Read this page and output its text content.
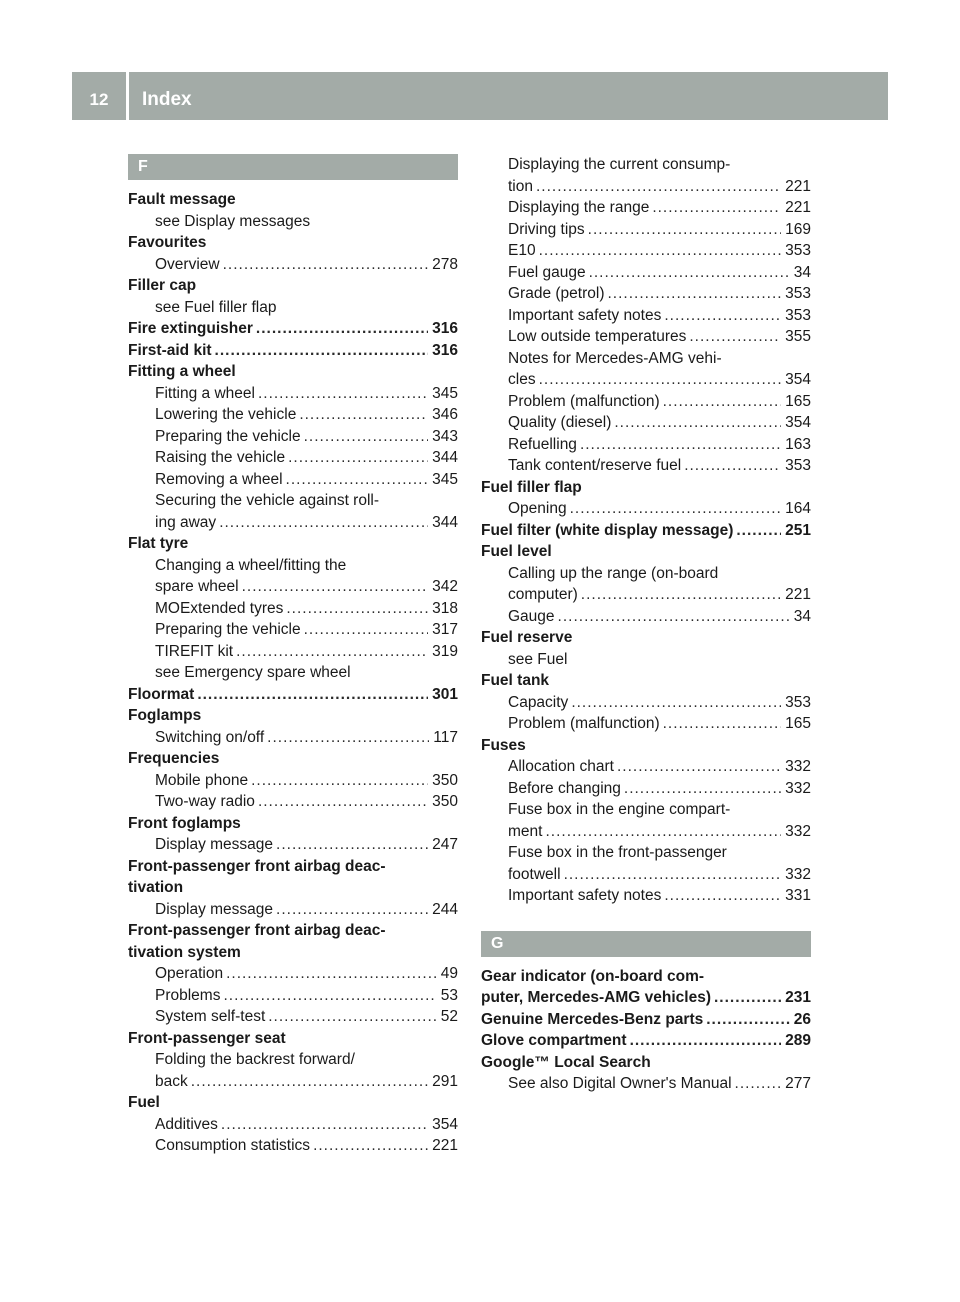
12	Index
F
Fault message
see Display messages
Favourites
Overview .....	278
Filler cap
see Fuel filler flap
Fire extinguisher .....	316
First-aid kit .....	316
Fitting a wheel
Fitting a wheel .....	345
Lowering the vehicle .....	346
Preparing the vehicle .....	343
Raising the vehicle .....	344
Removing a wheel .....	345
Securing the vehicle against roll-
ing away .....	344
Flat tyre
Changing a wheel/fitting the
spare wheel .....	342
MOExtended tyres .....	318
Preparing the vehicle .....	317
TIREFIT kit .....	319
see Emergency spare wheel
Floormat .....	301
Foglamps
Switching on/off .....	117
Frequencies
Mobile phone .....	350
Two-way radio .....	350
Front foglamps
Display message .....	247
Front-passenger front airbag deac-
tivation
Display message .....	244
Front-passenger front airbag deac-
tivation system
Operation .....	49
Problems .....	53
System self-test .....	52
Front-passenger seat
Folding the backrest forward/
back .....	291
Fuel
Additives .....	354
Consumption statistics .....	221
Displaying the current consump-
tion .....	221
Displaying the range .....	221
Driving tips .....	169
E10 .....	353
Fuel gauge .....	34
Grade (petrol) .....	353
Important safety notes .....	353
Low outside temperatures .....	355
Notes for Mercedes-AMG vehi-
cles .....	354
Problem (malfunction) .....	165
Quality (diesel) .....	354
Refuelling .....	163
Tank content/reserve fuel .....	353
Fuel filler flap
Opening .....	164
Fuel filter (white display message) .....	251
Fuel level
Calling up the range (on-board
computer) .....	221
Gauge .....	34
Fuel reserve
see Fuel
Fuel tank
Capacity .....	353
Problem (malfunction) .....	165
Fuses
Allocation chart .....	332
Before changing .....	332
Fuse box in the engine compart-
ment .....	332
Fuse box in the front-passenger
footwell .....	332
Important safety notes .....	331
G
Gear indicator (on-board com-
puter, Mercedes-AMG vehicles) .....	231
Genuine Mercedes-Benz parts .....	26
Glove compartment .....	289
Google™ Local Search
See also Digital Owner's Manual .....	277
